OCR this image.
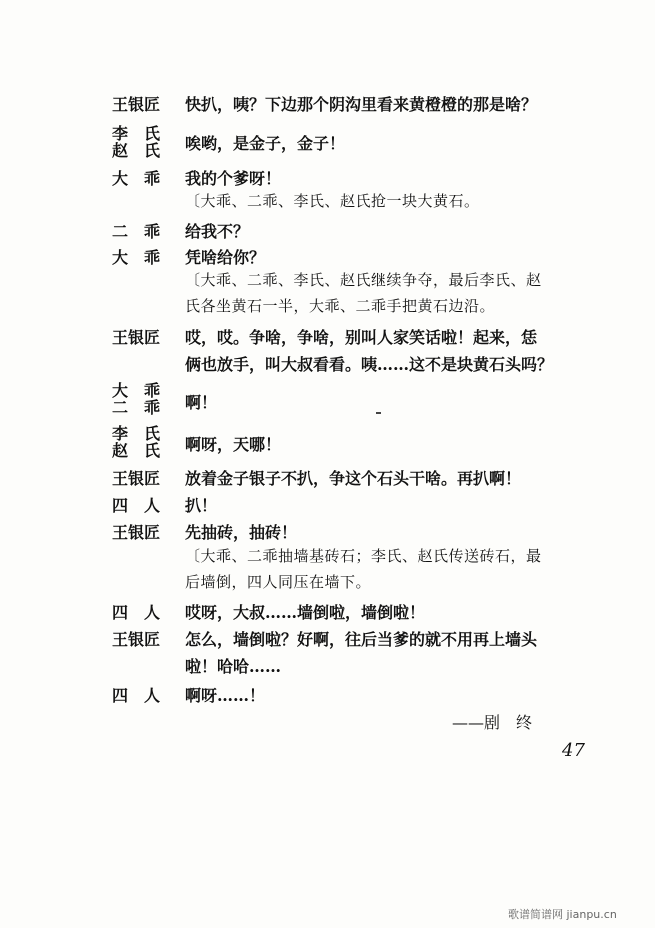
王银匠 快扒，咦？下边那个阴沟里看来黄橙橙的那是啥？
李　氏
赵　氏 唉哟，是金子，金子！
大　乖 我的个爹呀！
〔大乖、二乖、李氏、赵氏抢一块大黄石。
二　乖 给我不？
大　乖 凭啥给你？
〔大乖、二乖、李氏、赵氏继续争夺，最后李氏、赵
氏各坐黄石一半，大乖、二乖手把黄石边沿。
王银匠 哎，哎。争啥，争啥，别叫人家笑话啦！起来，恁
俩也放手，叫大叔看看。咦……这不是块黄石头吗？
大　乖
二　乖 啊！
李　氏
赵　氏 啊呀，天哪！
王银匠 放着金子银子不扒，争这个石头干啥。再扒啊！
四　人 扒！
王银匠 先抽砖，抽砖！
〔大乖、二乖抽墙基砖石；李氏、赵氏传送砖石，最
后墙倒，四人同压在墙下。
四　人 哎呀，大叔……墙倒啦，墙倒啦！
王银匠 怎么，墙倒啦？好啊，往后当爹的就不用再上墙头
啦！哈哈……
四　人 啊呀……！
——剧　终
47
歌谱简谱网 jianpu.cn
